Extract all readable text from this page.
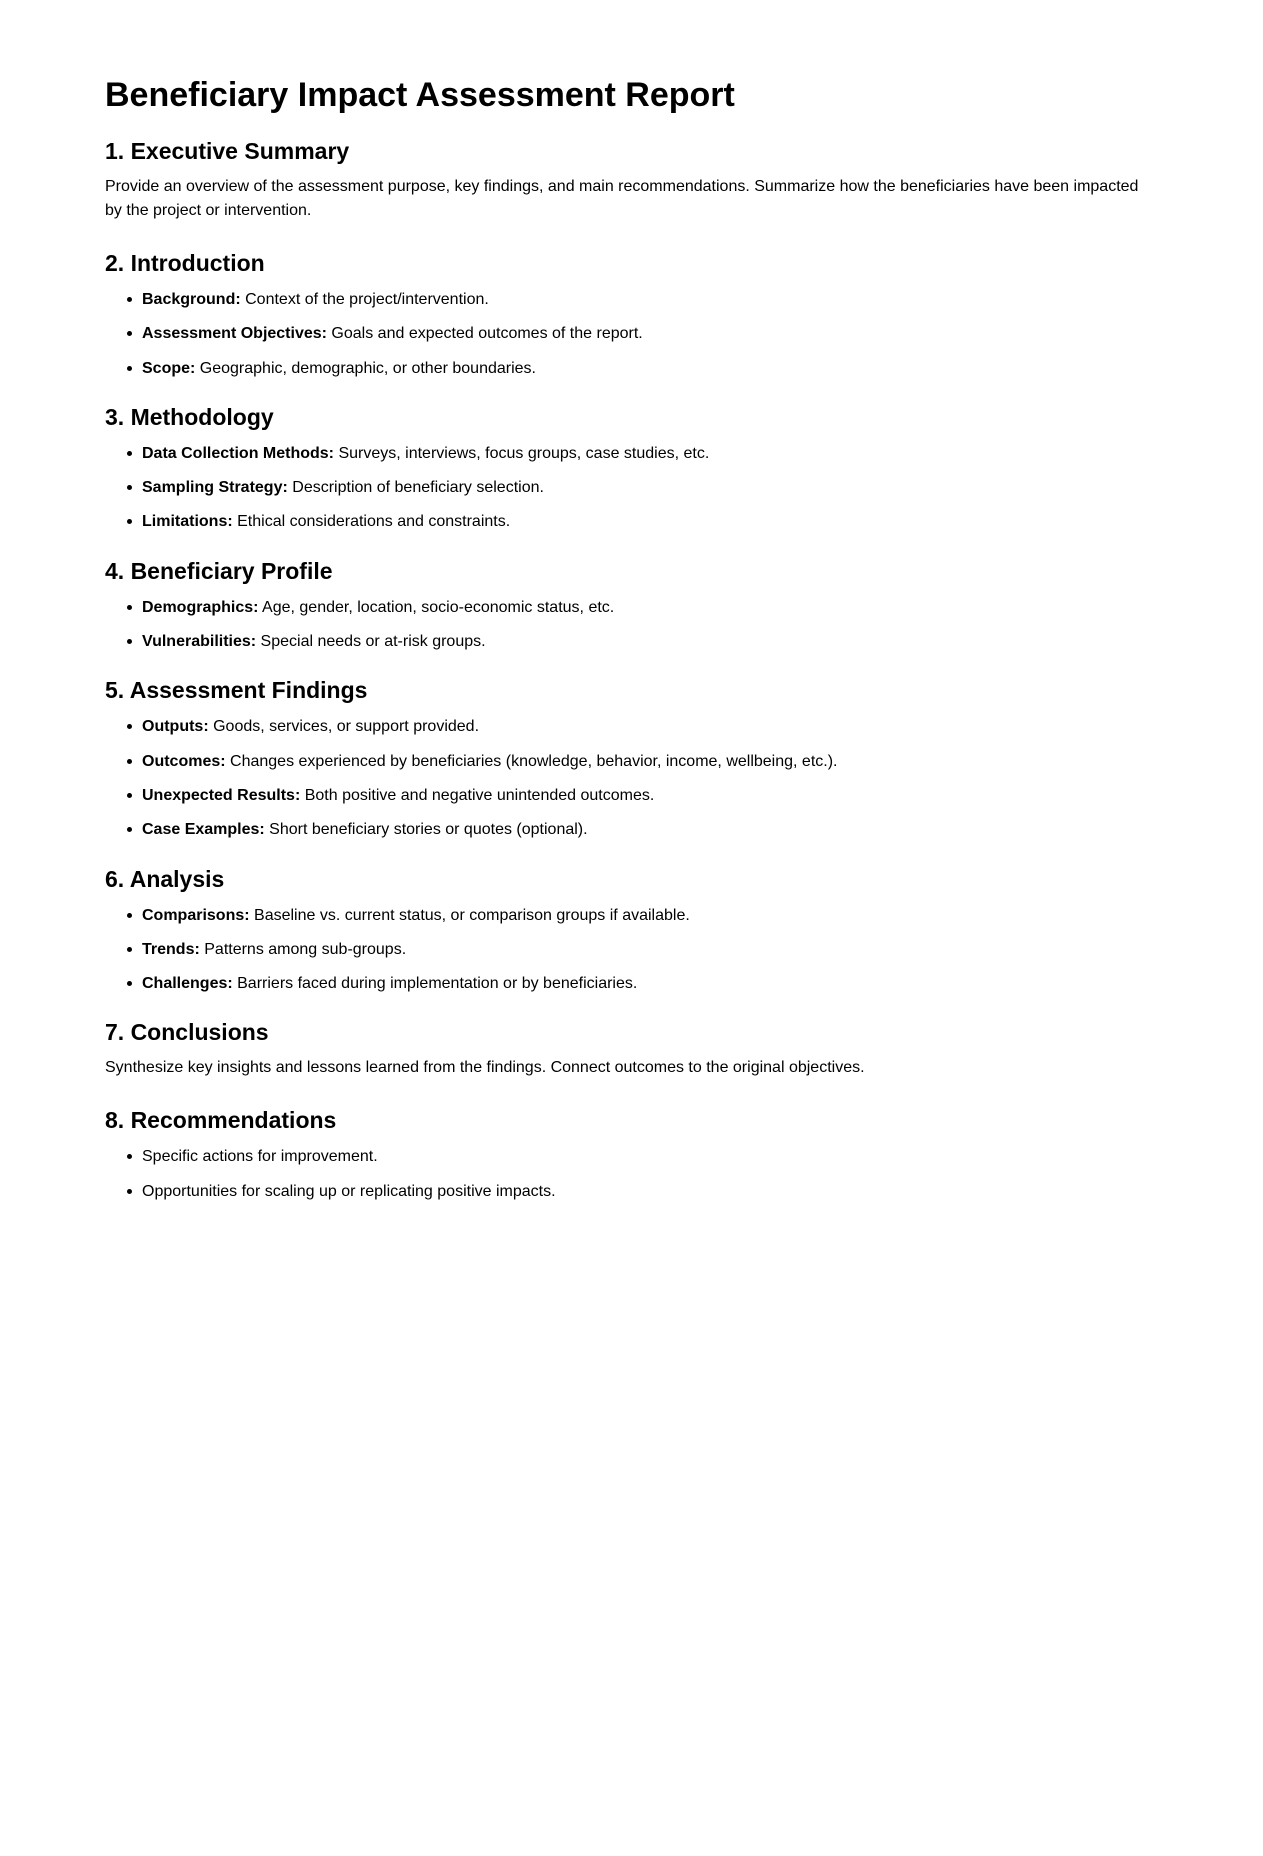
Beneficiary Impact Assessment Report
1. Executive Summary

Provide an overview of the assessment purpose, key findings, and main recommendations. Summarize how the beneficiaries have been impacted by the project or intervention.

2. Introduction
Background: Context of the project/intervention.
Assessment Objectives: Goals and expected outcomes of the report.
Scope: Geographic, demographic, or other boundaries.
3. Methodology
Data Collection Methods: Surveys, interviews, focus groups, case studies, etc.
Sampling Strategy: Description of beneficiary selection.
Limitations: Ethical considerations and constraints.
4. Beneficiary Profile
Demographics: Age, gender, location, socio-economic status, etc.
Vulnerabilities: Special needs or at-risk groups.
5. Assessment Findings
Outputs: Goods, services, or support provided.
Outcomes: Changes experienced by beneficiaries (knowledge, behavior, income, wellbeing, etc.).
Unexpected Results: Both positive and negative unintended outcomes.
Case Examples: Short beneficiary stories or quotes (optional).
6. Analysis
Comparisons: Baseline vs. current status, or comparison groups if available.
Trends: Patterns among sub-groups.
Challenges: Barriers faced during implementation or by beneficiaries.
7. Conclusions

Synthesize key insights and lessons learned from the findings. Connect outcomes to the original objectives.

8. Recommendations
Specific actions for improvement.
Opportunities for scaling up or replicating positive impacts.
